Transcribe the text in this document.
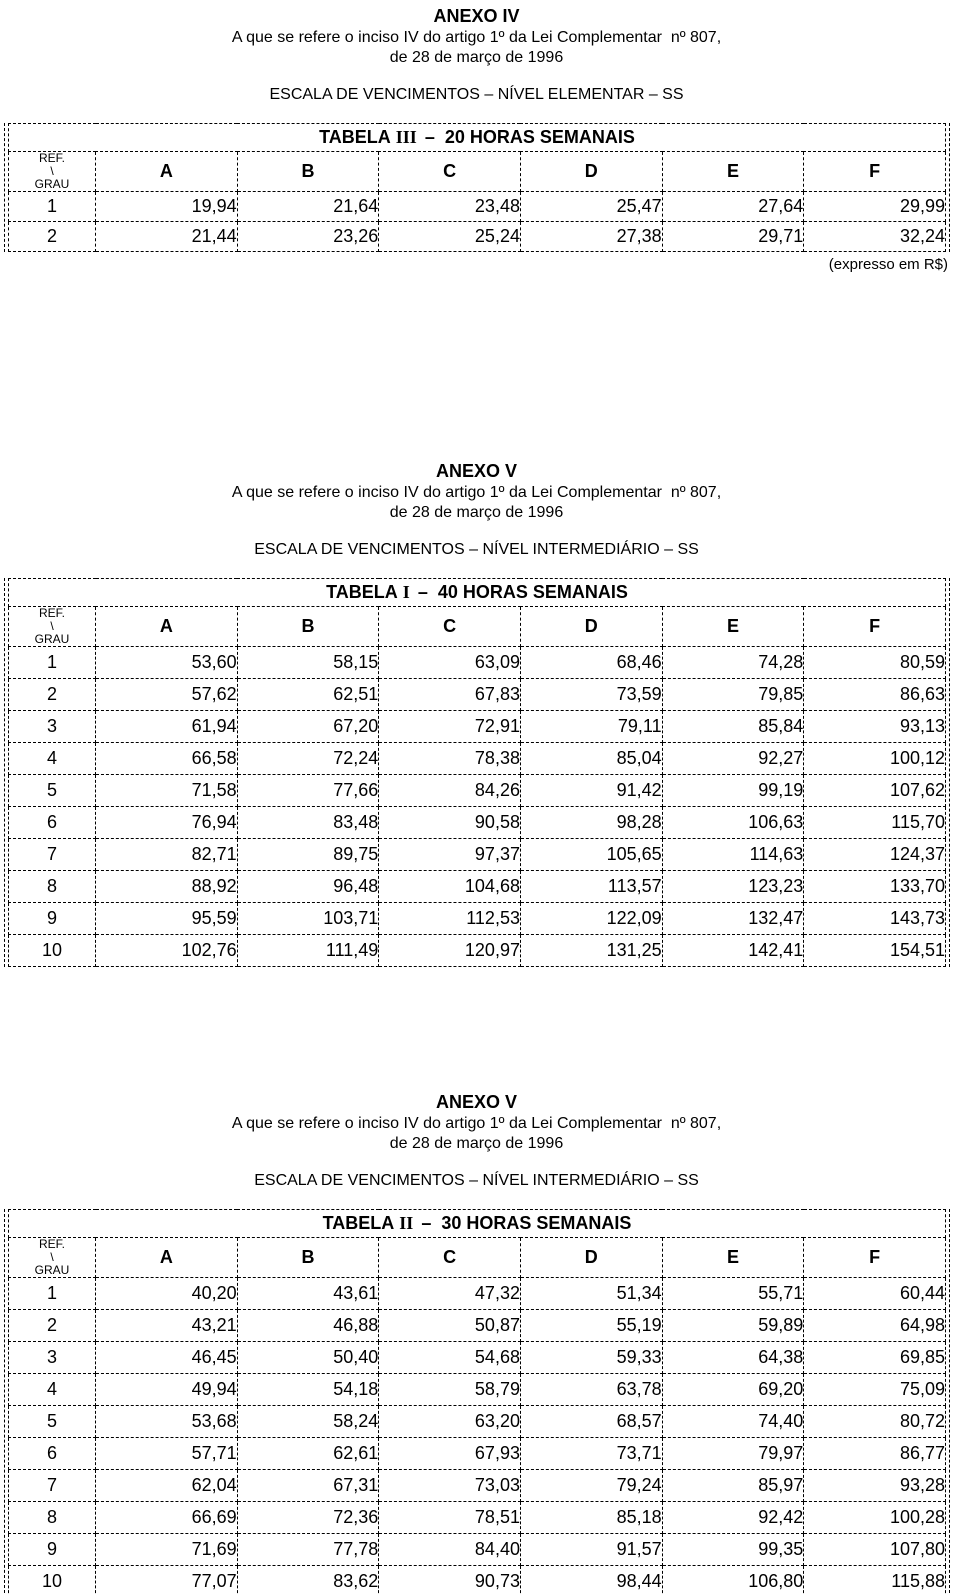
ANEXO IV

A que se refere o inciso IV do artigo 1º da Lei Complementar  nº 807,

de 28 de março de 1996

ESCALA DE VENCIMENTOS – NÍVEL ELEMENTAR – SS

TABELA III –  20 HORAS SEMANAIS						

REF.
\
GRAU	A	B	C	D	E	F
1	19,94	21,64	23,48	25,47	27,64	29,99
2	21,44	23,26	25,24	27,38	29,71	32,24

(expresso em R$)

ANEXO V

A que se refere o inciso IV do artigo 1º da Lei Complementar  nº 807,

de 28 de março de 1996

ESCALA DE VENCIMENTOS – NÍVEL INTERMEDIÁRIO – SS

TABELA I –  40 HORAS SEMANAIS						

REF.
\
GRAU	A	B	C	D	E	F
1	53,60	58,15	63,09	68,46	74,28	80,59
2	57,62	62,51	67,83	73,59	79,85	86,63
3	61,94	67,20	72,91	79,11	85,84	93,13
4	66,58	72,24	78,38	85,04	92,27	100,12
5	71,58	77,66	84,26	91,42	99,19	107,62
6	76,94	83,48	90,58	98,28	106,63	115,70
7	82,71	89,75	97,37	105,65	114,63	124,37
8	88,92	96,48	104,68	113,57	123,23	133,70
9	95,59	103,71	112,53	122,09	132,47	143,73
10	102,76	111,49	120,97	131,25	142,41	154,51
ANEXO V

A que se refere o inciso IV do artigo 1º da Lei Complementar  nº 807,

de 28 de março de 1996

ESCALA DE VENCIMENTOS – NÍVEL INTERMEDIÁRIO – SS

TABELA II –  30 HORAS SEMANAIS						

REF.
\
GRAU	A	B	C	D	E	F
1	40,20	43,61	47,32	51,34	55,71	60,44
2	43,21	46,88	50,87	55,19	59,89	64,98
3	46,45	50,40	54,68	59,33	64,38	69,85
4	49,94	54,18	58,79	63,78	69,20	75,09
5	53,68	58,24	63,20	68,57	74,40	80,72
6	57,71	62,61	67,93	73,71	79,97	86,77
7	62,04	67,31	73,03	79,24	85,97	93,28
8	66,69	72,36	78,51	85,18	92,42	100,28
9	71,69	77,78	84,40	91,57	99,35	107,80
10	77,07	83,62	90,73	98,44	106,80	115,88
